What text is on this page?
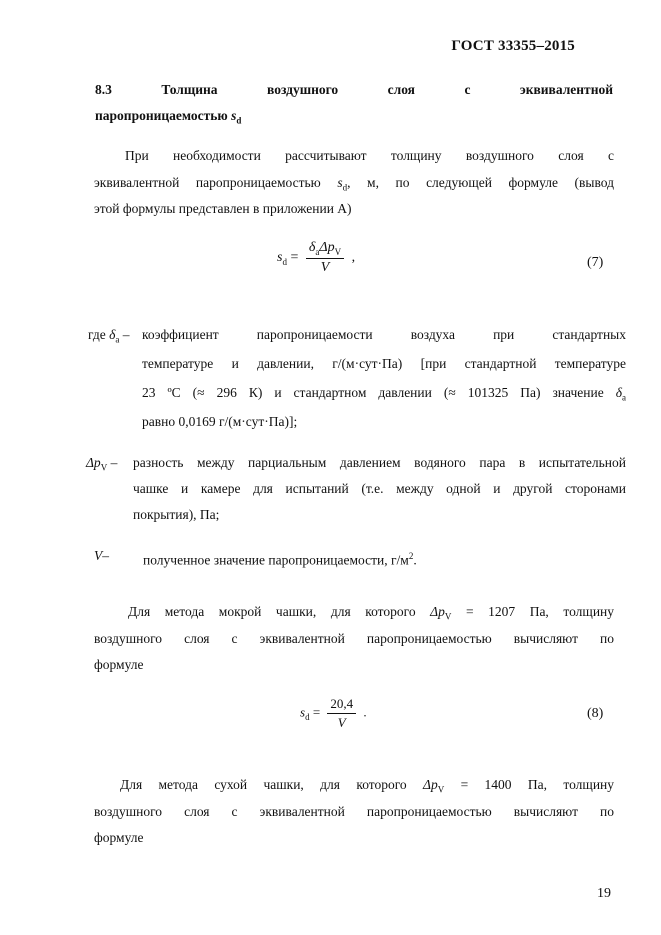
ГОСТ 33355–2015
8.3	Толщина	воздушного	слоя	с	эквивалентной
паропроницаемостью $s_d$
При необходимости рассчитывают толщину воздушного слоя с
эквивалентной паропроницаемостью $s_d$, м, по следующей формуле (вывод
этой формулы представлен в приложении А)
$s_d = \frac{\delta_a\Delta p_V}{V}$ ,	(7)
где $\delta_a$ – коэффициент паропроницаемости воздуха при стандартных
температуре и давлении, г/(м·сут·Па) [при стандартной температуре
23 ºС (≈ 296 К) и стандартном давлении (≈ 101325 Па) значение $\delta_a$
равно 0,0169 г/(м·сут·Па)];
$\Delta p_V$ – разность между парциальным давлением водяного пара в испытательной
чашке и камере для испытаний (т.е. между одной и другой сторонами
покрытия), Па;
V–	полученное значение паропроницаемости, $г/м^2$.
Для метода мокрой чашки, для которого $\Delta p_V = 1207$ Па, толщину
воздушного слоя с эквивалентной паропроницаемостью вычисляют по
формуле
$s_d = \frac{20,4}{V}$ .	(8)
Для метода сухой чашки, для которого $\Delta p_V = 1400$ Па, толщину
воздушного слоя с эквивалентной паропроницаемостью вычисляют по
формуле
19
